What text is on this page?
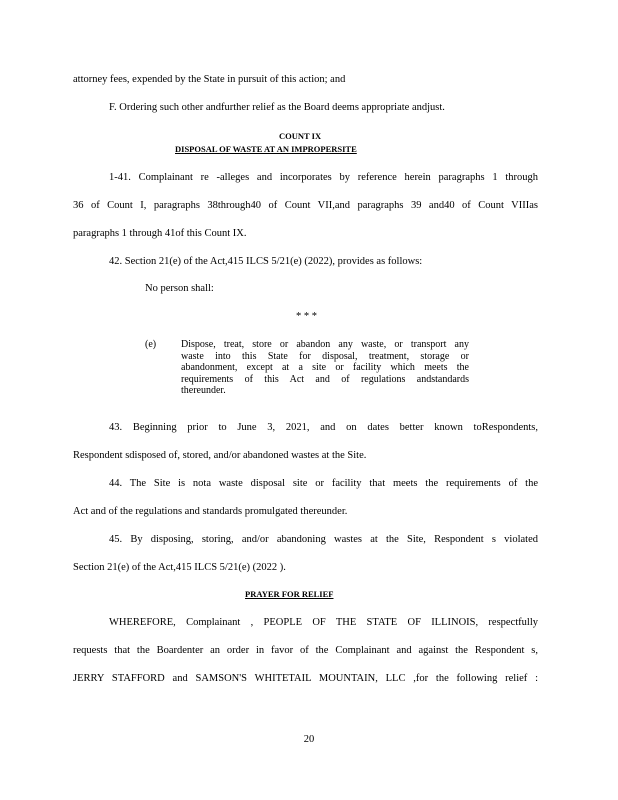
attorney fees, expended by the State in pursuit of this action; and
F. Ordering such other andfurther relief as the Board deems appropriate andjust.
COUNT IX
DISPOSAL OF WASTE AT AN IMPROPERSITE
1-41. Complainant re -alleges and incorporates by reference herein paragraphs 1 through
36 of Count I, paragraphs 38through40 of Count VII,and paragraphs 39 and40 of Count VIIIas
paragraphs 1 through 41of this Count IX.
42. Section 21(e) of the Act,415 ILCS 5/21(e) (2022), provides as follows:
No person shall:
* * *
(e) Dispose, treat, store or abandon any waste, or transport any
waste into this State for disposal, treatment, storage or
abandonment, except at a site or facility which meets the
requirements of this Act and of regulations andstandards
thereunder.
43. Beginning prior to June 3, 2021, and on dates better known toRespondents,
Respondent sdisposed of, stored, and/or abandoned wastes at the Site.
44. The Site is nota waste disposal site or facility that meets the requirements of the
Act and of the regulations and standards promulgated thereunder.
45. By disposing, storing, and/or abandoning wastes at the Site, Respondent s violated
Section 21(e) of the Act,415 ILCS 5/21(e) (2022 ).
PRAYER FOR RELIEF
WHEREFORE, Complainant , PEOPLE OF THE STATE OF ILLINOIS, respectfully
requests that the Boardenter an order in favor of the Complainant and against the Respondent s,
JERRY STAFFORD and SAMSON'S WHITETAIL MOUNTAIN, LLC ,for the following relief :
20
